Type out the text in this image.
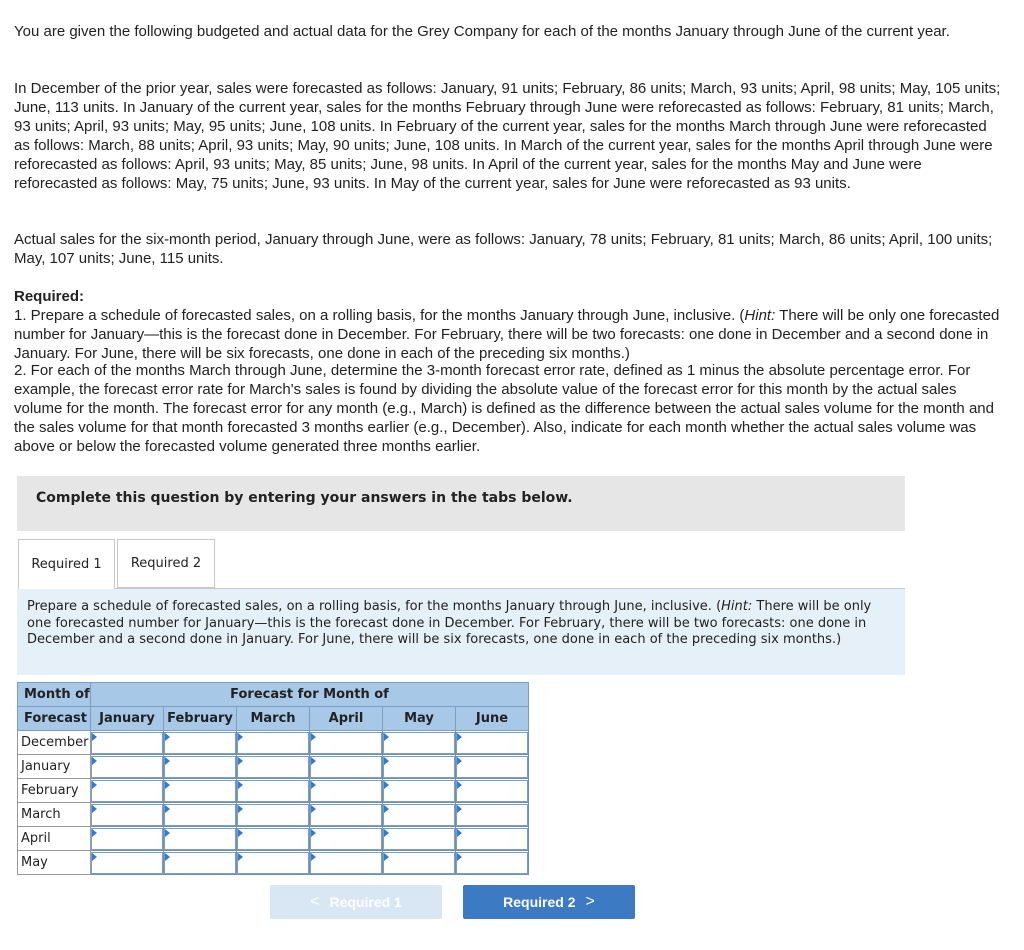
You are given the following budgeted and actual data for the Grey Company for each of the months January through June of the current year.

In December of the prior year, sales were forecasted as follows: January, 91 units; February, 86 units; March, 93 units; April, 98 units; May, 105 units; June, 113 units. In January of the current year, sales for the months February through June were reforecasted as follows: February, 81 units; March, 93 units; April, 93 units; May, 95 units; June, 108 units. In February of the current year, sales for the months March through June were reforecasted as follows: March, 88 units; April, 93 units; May, 90 units; June, 108 units. In March of the current year, sales for the months April through June were reforecasted as follows: April, 93 units; May, 85 units; June, 98 units. In April of the current year, sales for the months May and June were reforecasted as follows: May, 75 units; June, 93 units. In May of the current year, sales for June were reforecasted as 93 units.

Actual sales for the six-month period, January through June, were as follows: January, 78 units; February, 81 units; March, 86 units; April, 100 units; May, 107 units; June, 115 units.

Required:

1. Prepare a schedule of forecasted sales, on a rolling basis, for the months January through June, inclusive. (Hint: There will be only one forecasted number for January—this is the forecast done in December. For February, there will be two forecasts: one done in December and a second done in January. For June, there will be six forecasts, one done in each of the preceding six months.)

2. For each of the months March through June, determine the 3-month forecast error rate, defined as 1 minus the absolute percentage error. For example, the forecast error rate for March's sales is found by dividing the absolute value of the forecast error for this month by the actual sales volume for the month. The forecast error for any month (e.g., March) is defined as the difference between the actual sales volume for the month and the sales volume for that month forecasted 3 months earlier (e.g., December). Also, indicate for each month whether the actual sales volume was above or below the forecasted volume generated three months earlier.

Complete this question by entering your answers in the tabs below.
Required 1	Required 2

Prepare a schedule of forecasted sales, on a rolling basis, for the months January through June, inclusive. (Hint: There will be only one forecasted number for January—this is the forecast done in December. For February, there will be two forecasts: one done in December and a second done in January. For June, there will be six forecasts, one done in each of the preceding six months.)

Month of	Forecast for Month of					
Forecast	January	February	March	April	May	June
December	

January	

February	

March	

April	

May	

< Required 1	Required 2 >
